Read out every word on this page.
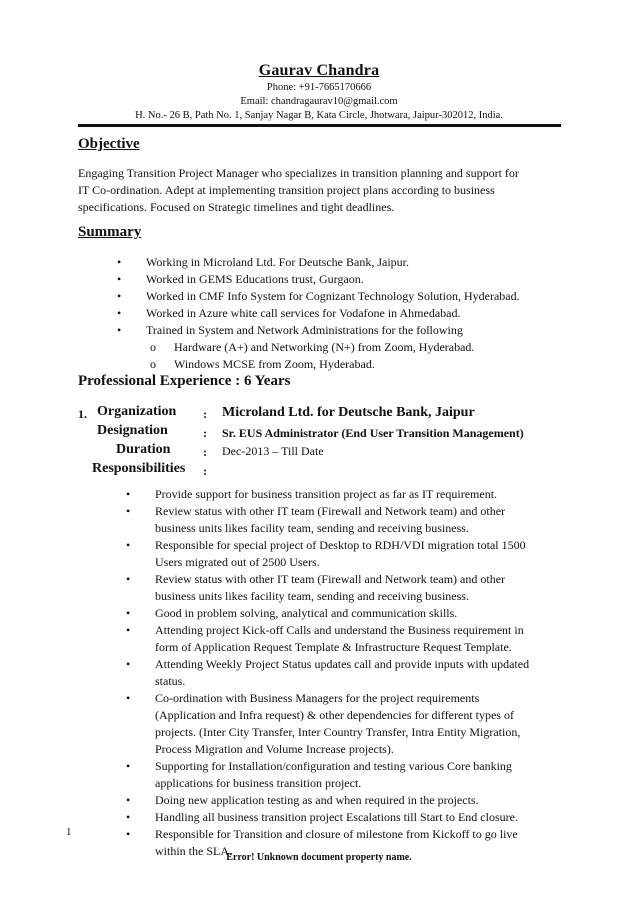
Gaurav Chandra
Phone: +91-7665170666
Email: chandragaurav10@gmail.com
H. No.- 26 B, Path No. 1, Sanjay Nagar B, Kata Circle, Jhotwara, Jaipur-302012, India.
Objective
Engaging Transition Project Manager who specializes in transition planning and support for
IT Co-ordination. Adept at implementing transition project plans according to business
specifications. Focused on Strategic timelines and tight deadlines.
Summary
• Working in Microland Ltd. For Deutsche Bank, Jaipur.
• Worked in GEMS Educations trust, Gurgaon.
• Worked in CMF Info System for Cognizant Technology Solution, Hyderabad.
• Worked in Azure white call services for Vodafone in Ahmedabad.
• Trained in System and Network Administrations for the following
o Hardware (A+) and Networking (N+) from Zoom, Hyderabad.
o Windows MCSE from Zoom, Hyderabad.
Professional Experience : 6 Years
1. Organization : Microland Ltd. for Deutsche Bank, Jaipur
Designation	: Sr. EUS Administrator (End User Transition Management)
Duration	: Dec-2013 – Till Date
Responsibilities :
• Provide support for business transition project as far as IT requirement.
• Review status with other IT team (Firewall and Network team) and other
business units likes facility team, sending and receiving business.
• Responsible for special project of Desktop to RDH/VDI migration total 1500
Users migrated out of 2500 Users.
• Review status with other IT team (Firewall and Network team) and other
business units likes facility team, sending and receiving business.
• Good in problem solving, analytical and communication skills.
• Attending project Kick-off Calls and understand the Business requirement in
form of Application Request Template & Infrastructure Request Template.
• Attending Weekly Project Status updates call and provide inputs with updated
status.
• Co-ordination with Business Managers for the project requirements
(Application and Infra request) & other dependencies for different types of
projects. (Inter City Transfer, Inter Country Transfer, Intra Entity Migration,
Process Migration and Volume Increase projects).
• Supporting for Installation/configuration and testing various Core banking
applications for business transition project.
• Doing new application testing as and when required in the projects.
• Handling all business transition project Escalations till Start to End closure.
• Responsible for Transition and closure of milestone from Kickoff to go live
within the SLA.
1
Error! Unknown document property name.
